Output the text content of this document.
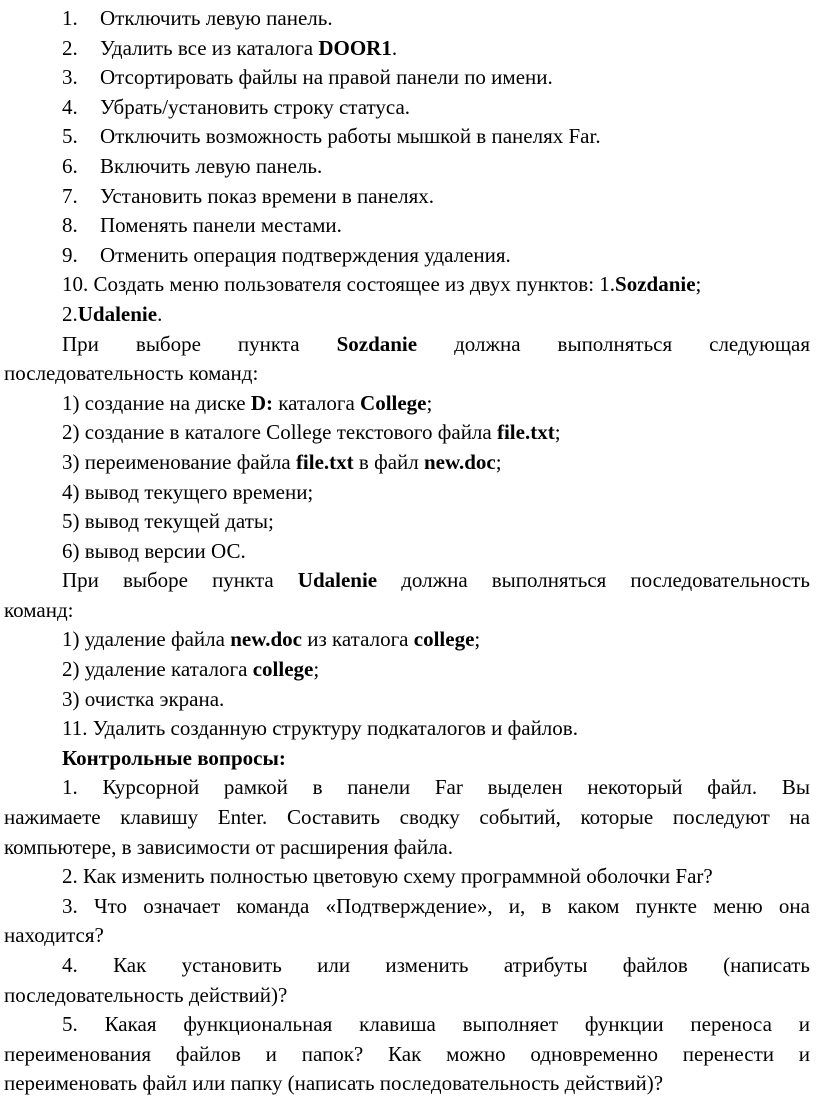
1. Отключить левую панель.
2. Удалить все из каталога DOOR1.
3. Отсортировать файлы на правой панели по имени.
4. Убрать/установить строку статуса.
5. Отключить возможность работы мышкой в панелях Far.
6. Включить левую панель.
7. Установить показ времени в панелях.
8. Поменять панели местами.
9. Отменить операция подтверждения удаления.
10. Создать меню пользователя состоящее из двух пунктов: 1.Sozdanie;
2.Udalenie.
При выборе пункта Sozdanie должна выполняться следующая
последовательность команд:
1) создание на диске D: каталога College;
2) создание в каталоге College текстового файла file.txt;
3) переименование файла file.txt в файл new.doc;
4) вывод текущего времени;
5) вывод текущей даты;
6) вывод версии ОС.
При выборе пункта Udalenie должна выполняться последовательность
команд:
1) удаление файла new.doc из каталога college;
2) удаление каталога college;
3) очистка экрана.
11. Удалить созданную структуру подкаталогов и файлов.
Контрольные вопросы:
1. Курсорной рамкой в панели Far выделен некоторый файл. Вы
нажимаете клавишу Enter. Составить сводку событий, которые последуют на
компьютере, в зависимости от расширения файла.
2. Как изменить полностью цветовую схему программной оболочки Far?
3. Что означает команда «Подтверждение», и, в каком пункте меню она
находится?
4. Как установить или изменить атрибуты файлов (написать
последовательность действий)?
5. Какая функциональная клавиша выполняет функции переноса и
переименования файлов и папок? Как можно одновременно перенести и
переименовать файл или папку (написать последовательность действий)?
